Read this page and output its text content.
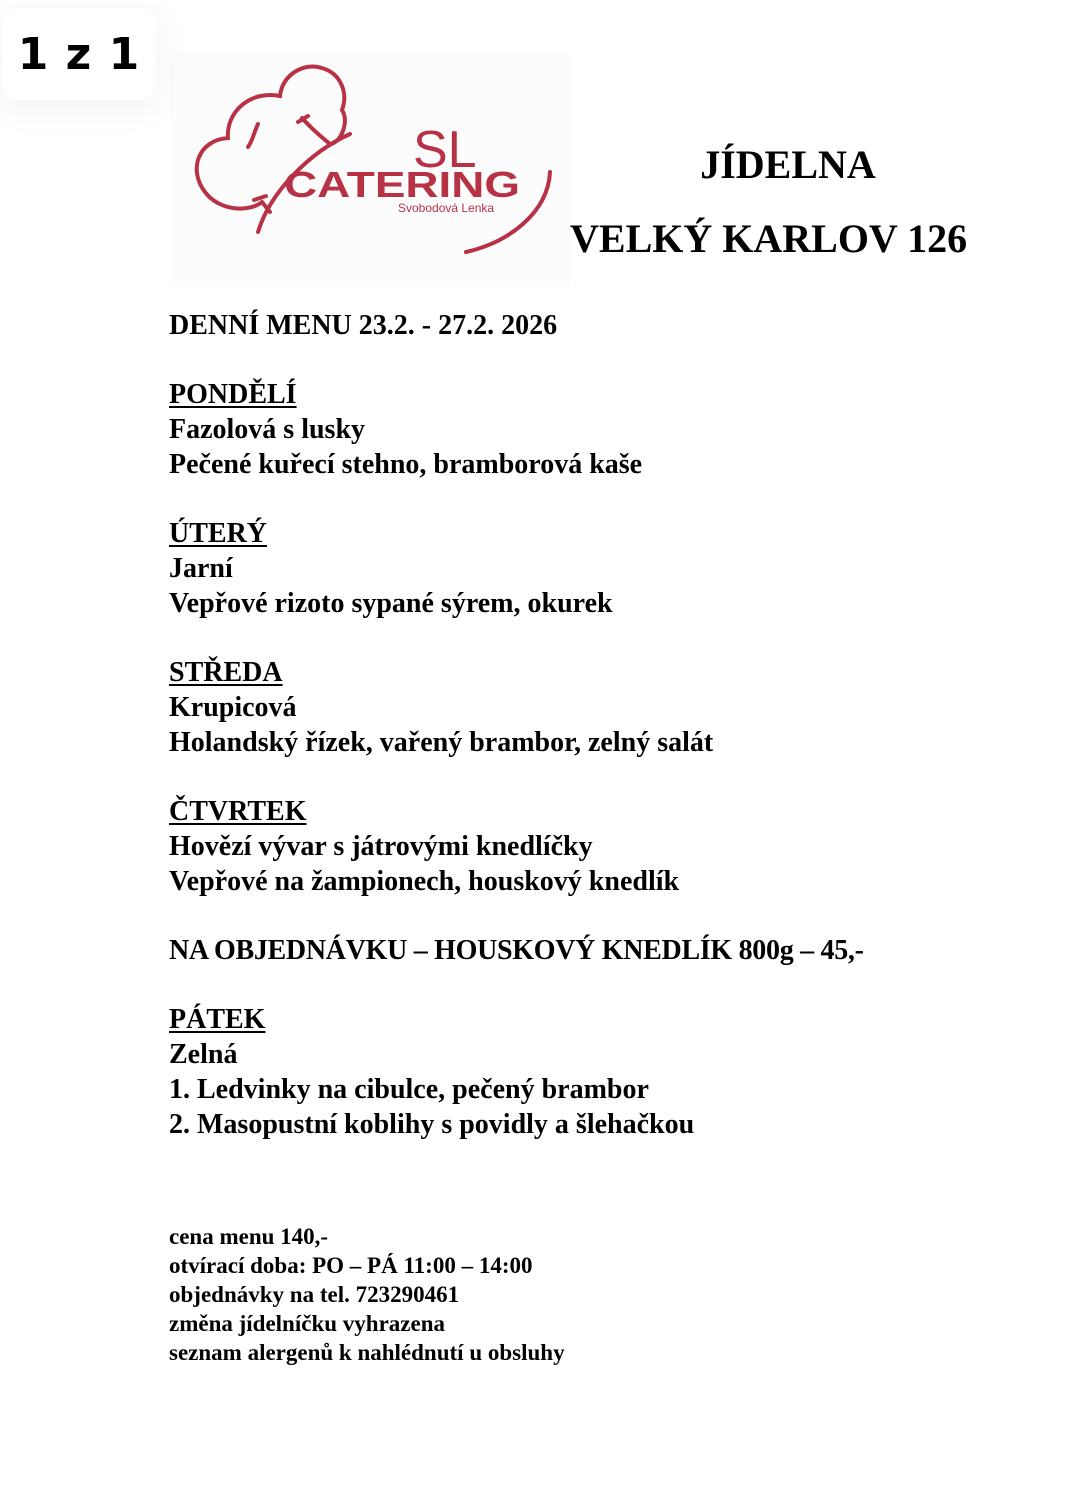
1 z 1
SL
CATERING
Svobodová Lenka
JÍDELNA
VELKÝ KARLOV 126
DENNÍ MENU 23.2. - 27.2. 2026
PONDĚLÍ
Fazolová s lusky
Pečené kuřecí stehno, bramborová kaše
ÚTERÝ
Jarní
Vepřové rizoto sypané sýrem, okurek
STŘEDA
Krupicová
Holandský řízek, vařený brambor, zelný salát
ČTVRTEK
Hovězí vývar s játrovými knedlíčky
Vepřové na žampionech, houskový knedlík
NA OBJEDNÁVKU – HOUSKOVÝ KNEDLÍK 800g – 45,-
PÁTEK
Zelná
1. Ledvinky na cibulce, pečený brambor
2. Masopustní koblihy s povidly a šlehačkou
cena menu 140,-
otvírací doba: PO – PÁ 11:00 – 14:00
objednávky na tel. 723290461
změna jídelníčku vyhrazena
seznam alergenů k nahlédnutí u obsluhy
